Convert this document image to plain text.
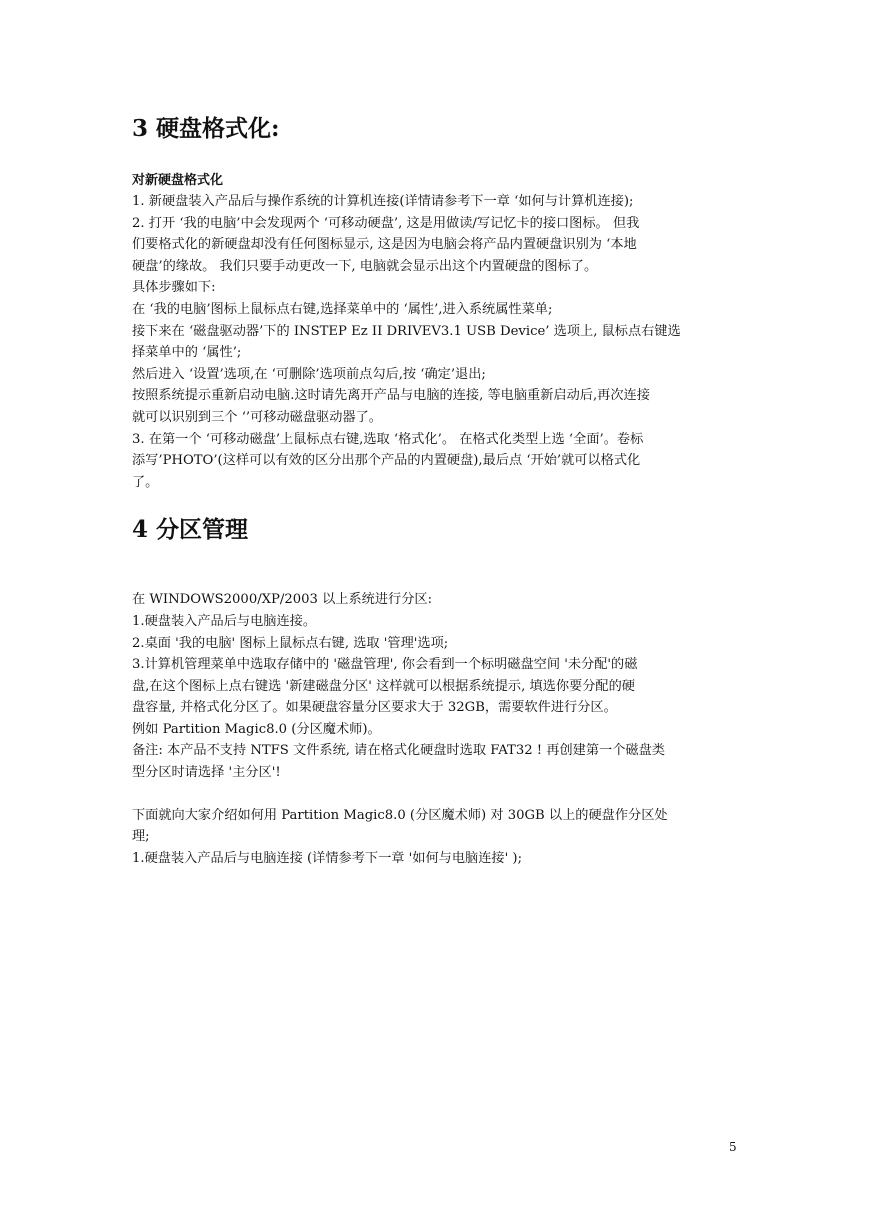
3 硬盘格式化:

对新硬盘格式化

1. 新硬盘装入产品后与操作系统的计算机连接(详情请参考下一章 ‘如何与计算机连接);

2. 打开 ‘我的电脑’中会发现两个 ‘可移动硬盘’, 这是用做读/写记忆卡的接口图标。 但我

们要格式化的新硬盘却没有任何图标显示, 这是因为电脑会将产品内置硬盘识别为 ‘本地

硬盘’的缘故。 我们只要手动更改一下, 电脑就会显示出这个内置硬盘的图标了。

具体步骤如下:

在 ‘我的电脑’图标上鼠标点右键,选择菜单中的 ‘属性’,进入系统属性菜单;

接下来在 ‘磁盘驱动器’下的 INSTEP Ez II DRIVEV3.1 USB Device’ 选项上, 鼠标点右键选

择菜单中的 ‘属性’;

然后进入 ‘设置’选项,在 ‘可删除’选项前点勾后,按 ‘确定’退出;

按照系统提示重新启动电脑.这时请先离开产品与电脑的连接, 等电脑重新启动后,再次连接

就可以识别到三个 ‘’可移动磁盘驱动器了。

3. 在第一个 ‘可移动磁盘’上鼠标点右键,选取 ‘格式化’。 在格式化类型上选 ‘全面’。卷标

添写’PHOTO’(这样可以有效的区分出那个产品的内置硬盘),最后点 ‘开始’就可以格式化

了。

4 分区管理

在 WINDOWS2000/XP/2003 以上系统进行分区:

1.硬盘装入产品后与电脑连接。

2.桌面 '我的电脑' 图标上鼠标点右键, 选取 '管理'选项;

3.计算机管理菜单中选取存储中的 '磁盘管理', 你会看到一个标明磁盘空间 '未分配'的磁

盘,在这个图标上点右键选 '新建磁盘分区' 这样就可以根据系统提示, 填选你要分配的硬

盘容量, 并格式化分区了。如果硬盘容量分区要求大于 32GB，需要软件进行分区。

例如 Partition Magic8.0 (分区魔术师)。

备注: 本产品不支持 NTFS 文件系统, 请在格式化硬盘时选取 FAT32 ! 再创建第一个磁盘类

型分区时请选择 '主分区'!

下面就向大家介绍如何用 Partition Magic8.0 (分区魔术师) 对 30GB 以上的硬盘作分区处

理;

1.硬盘装入产品后与电脑连接 (详情参考下一章 '如何与电脑连接' );

5
